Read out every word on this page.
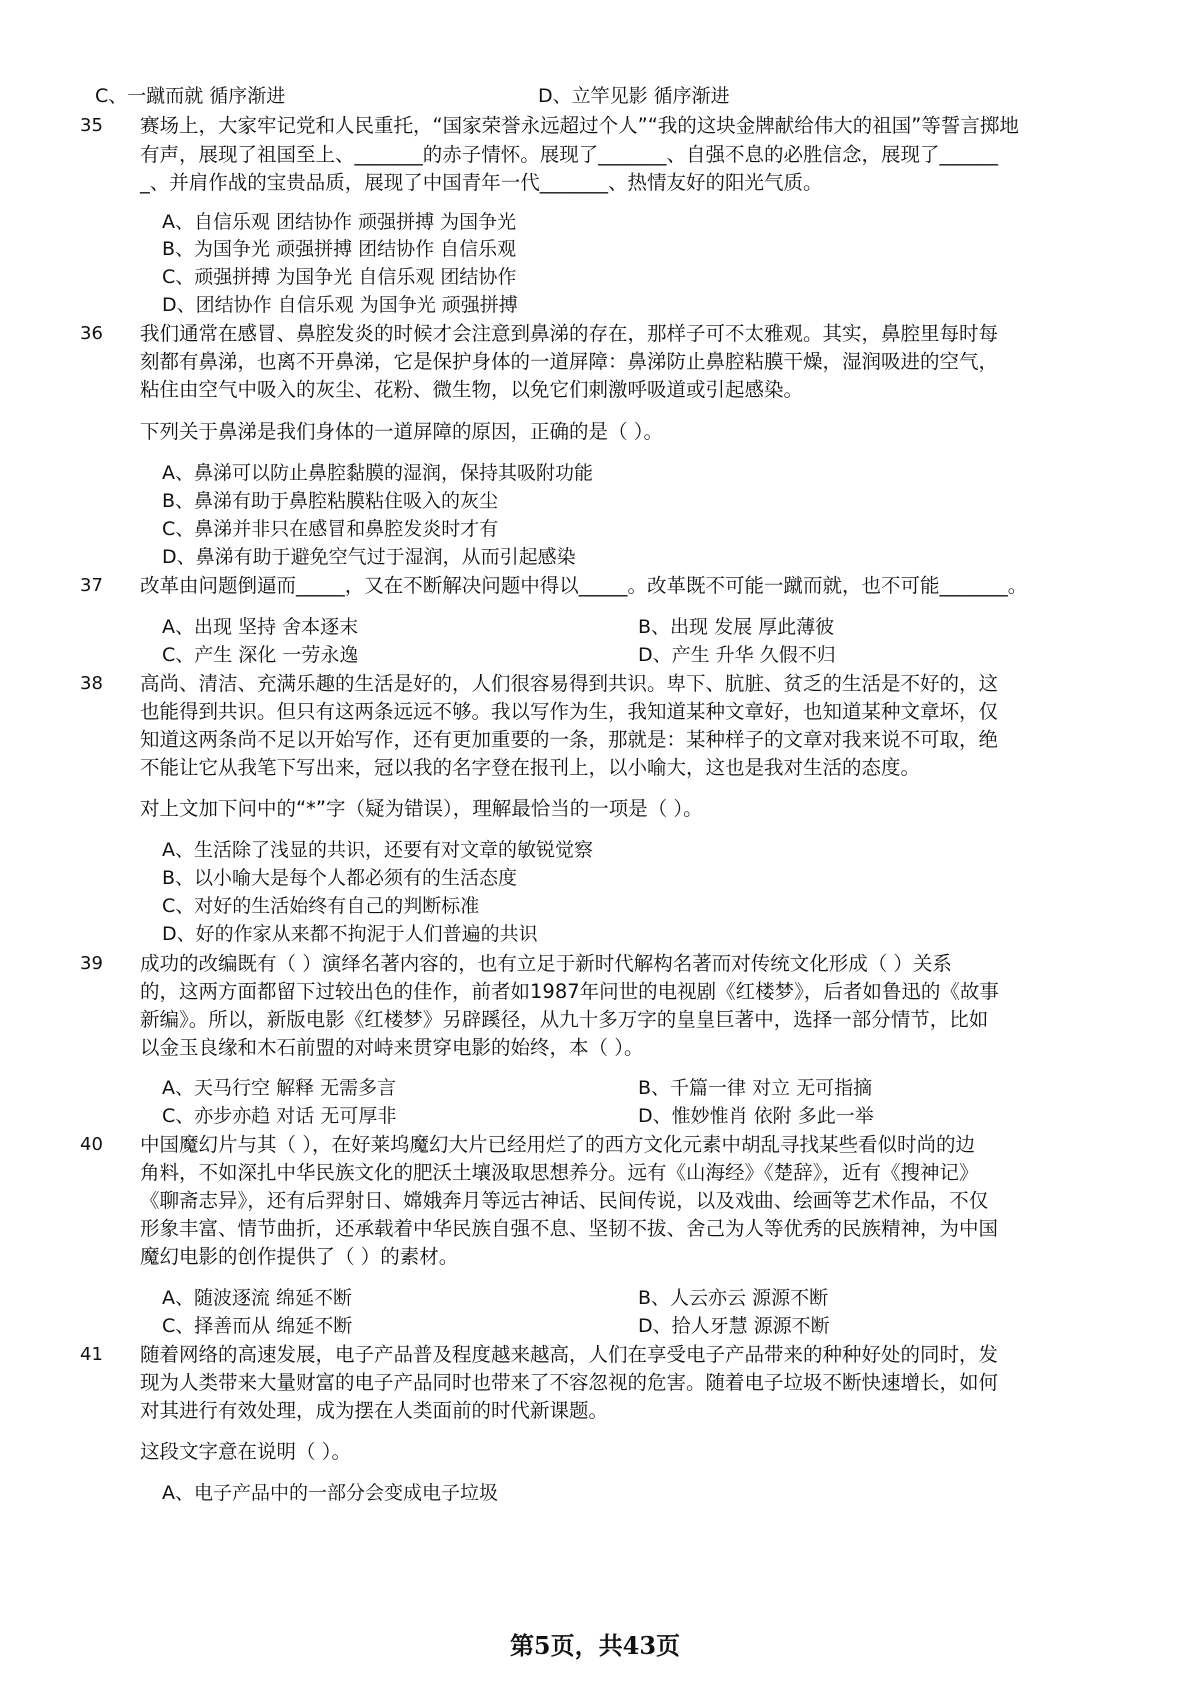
C、一蹴而就 循序渐进	D、立竿见影 循序渐进
35 赛场上，大家牢记党和人民重托，“国家荣誉永远超过个人”“我的这块金牌献给伟大的祖国”等誓言掷地
有声，展现了祖国至上、_______的赤子情怀。展现了_______、自强不息的必胜信念，展现了______
_、并肩作战的宝贵品质，展现了中国青年一代_______、热情友好的阳光气质。
A、自信乐观 团结协作 顽强拼搏 为国争光
B、为国争光 顽强拼搏 团结协作 自信乐观
C、顽强拼搏 为国争光 自信乐观 团结协作
D、团结协作 自信乐观 为国争光 顽强拼搏
36 我们通常在感冒、鼻腔发炎的时候才会注意到鼻涕的存在，那样子可不太雅观。其实，鼻腔里每时每
刻都有鼻涕，也离不开鼻涕，它是保护身体的一道屏障：鼻涕防止鼻腔粘膜干燥，湿润吸进的空气，
粘住由空气中吸入的灰尘、花粉、微生物，以免它们刺激呼吸道或引起感染。
下列关于鼻涕是我们身体的一道屏障的原因，正确的是（ ）。
A、鼻涕可以防止鼻腔黏膜的湿润，保持其吸附功能
B、鼻涕有助于鼻腔粘膜粘住吸入的灰尘
C、鼻涕并非只在感冒和鼻腔发炎时才有
D、鼻涕有助于避免空气过于湿润，从而引起感染
37 改革由问题倒逼而_____，又在不断解决问题中得以_____。改革既不可能一蹴而就，也不可能_______。
A、出现 坚持 舍本逐末	B、出现 发展 厚此薄彼
C、产生 深化 一劳永逸	D、产生 升华 久假不归
38 高尚、清洁、充满乐趣的生活是好的，人们很容易得到共识。卑下、肮脏、贫乏的生活是不好的，这
也能得到共识。但只有这两条远远不够。我以写作为生，我知道某种文章好，也知道某种文章坏，仅
知道这两条尚不足以开始写作，还有更加重要的一条，那就是：某种样子的文章对我来说不可取，绝
不能让它从我笔下写出来，冠以我的名字登在报刊上，以小喻大，这也是我对生活的态度。
对上文加下问中的“*”字（疑为错误），理解最恰当的一项是（ ）。
A、生活除了浅显的共识，还要有对文章的敏锐觉察
B、以小喻大是每个人都必须有的生活态度
C、对好的生活始终有自己的判断标准
D、好的作家从来都不拘泥于人们普遍的共识
39 成功的改编既有（ ）演绎名著内容的，也有立足于新时代解构名著而对传统文化形成（ ）关系
的，这两方面都留下过较出色的佳作，前者如1987年问世的电视剧《红楼梦》，后者如鲁迅的《故事
新编》。所以，新版电影《红楼梦》另辟蹊径，从九十多万字的皇皇巨著中，选择一部分情节，比如
以金玉良缘和木石前盟的对峙来贯穿电影的始终，本（ ）。
A、天马行空 解释 无需多言	B、千篇一律 对立 无可指摘
C、亦步亦趋 对话 无可厚非	D、惟妙惟肖 依附 多此一举
40 中国魔幻片与其（ ），在好莱坞魔幻大片已经用烂了的西方文化元素中胡乱寻找某些看似时尚的边
角料，不如深扎中华民族文化的肥沃土壤汲取思想养分。远有《山海经》《楚辞》，近有《搜神记》
《聊斋志异》，还有后羿射日、嫦娥奔月等远古神话、民间传说，以及戏曲、绘画等艺术作品，不仅
形象丰富、情节曲折，还承载着中华民族自强不息、坚韧不拔、舍己为人等优秀的民族精神，为中国
魔幻电影的创作提供了（ ）的素材。
A、随波逐流 绵延不断	B、人云亦云 源源不断
C、择善而从 绵延不断	D、拾人牙慧 源源不断
41 随着网络的高速发展，电子产品普及程度越来越高，人们在享受电子产品带来的种种好处的同时，发
现为人类带来大量财富的电子产品同时也带来了不容忽视的危害。随着电子垃圾不断快速增长，如何
对其进行有效处理，成为摆在人类面前的时代新课题。
这段文字意在说明（ ）。
A、电子产品中的一部分会变成电子垃圾
第5页，共43页
